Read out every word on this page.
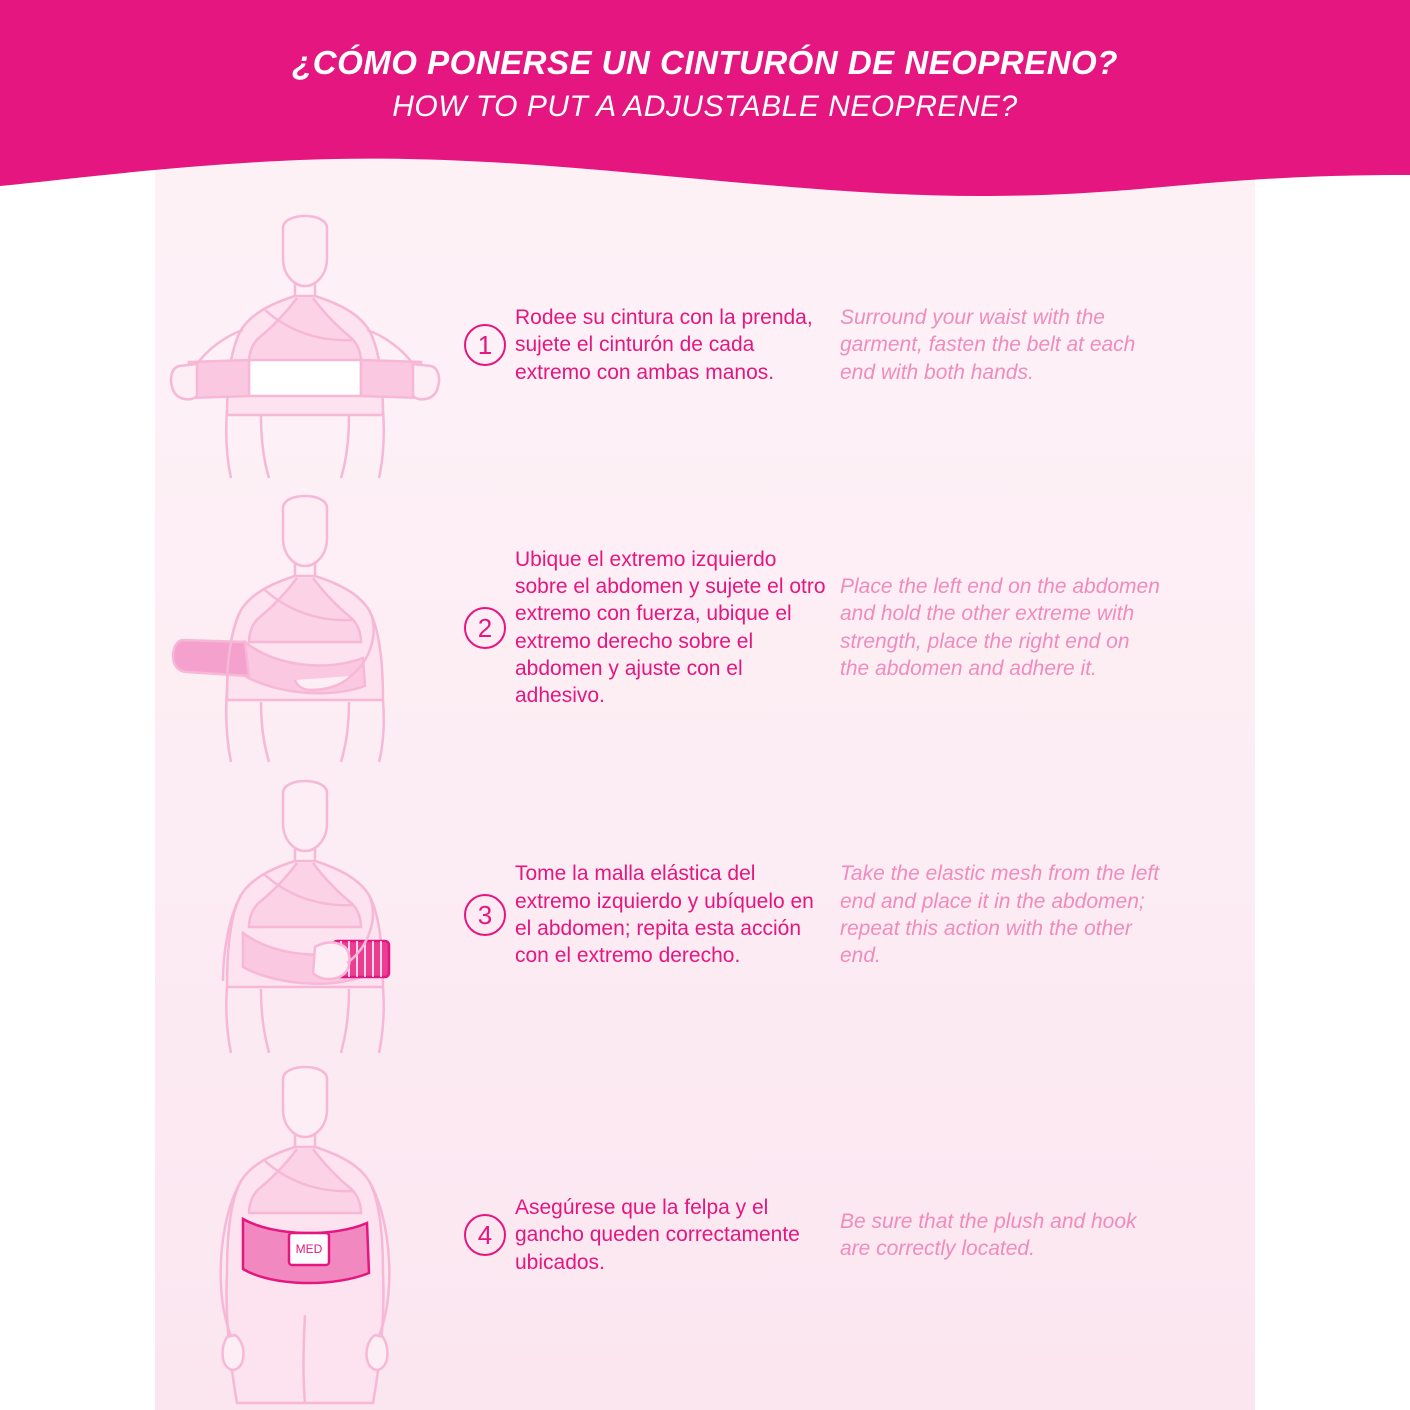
¿CÓMO PONERSE UN CINTURÓN DE NEOPRENO?
HOW TO PUT A ADJUSTABLE NEOPRENE?
1
Rodee su cintura con la prenda, sujete el cinturón de cada extremo con ambas manos.
Surround your waist with the garment, fasten the belt at each end with both hands.
2
Ubique el extremo izquierdo sobre el abdomen y sujete el otro extremo con fuerza, ubique el extremo derecho sobre el abdomen y ajuste con el adhesivo.
Place the left end on the abdomen and hold the other extreme with strength, place the right end on the abdomen and adhere it.
3
Tome la malla elástica del extremo izquierdo y ubíquelo en el abdomen; repita esta acción con el extremo derecho.
Take the elastic mesh from the left end and place it in the abdomen; repeat this action with the other end.
MED	4
Asegúrese que la felpa y el gancho queden correctamente ubicados.
Be sure that the plush and hook are correctly located.
